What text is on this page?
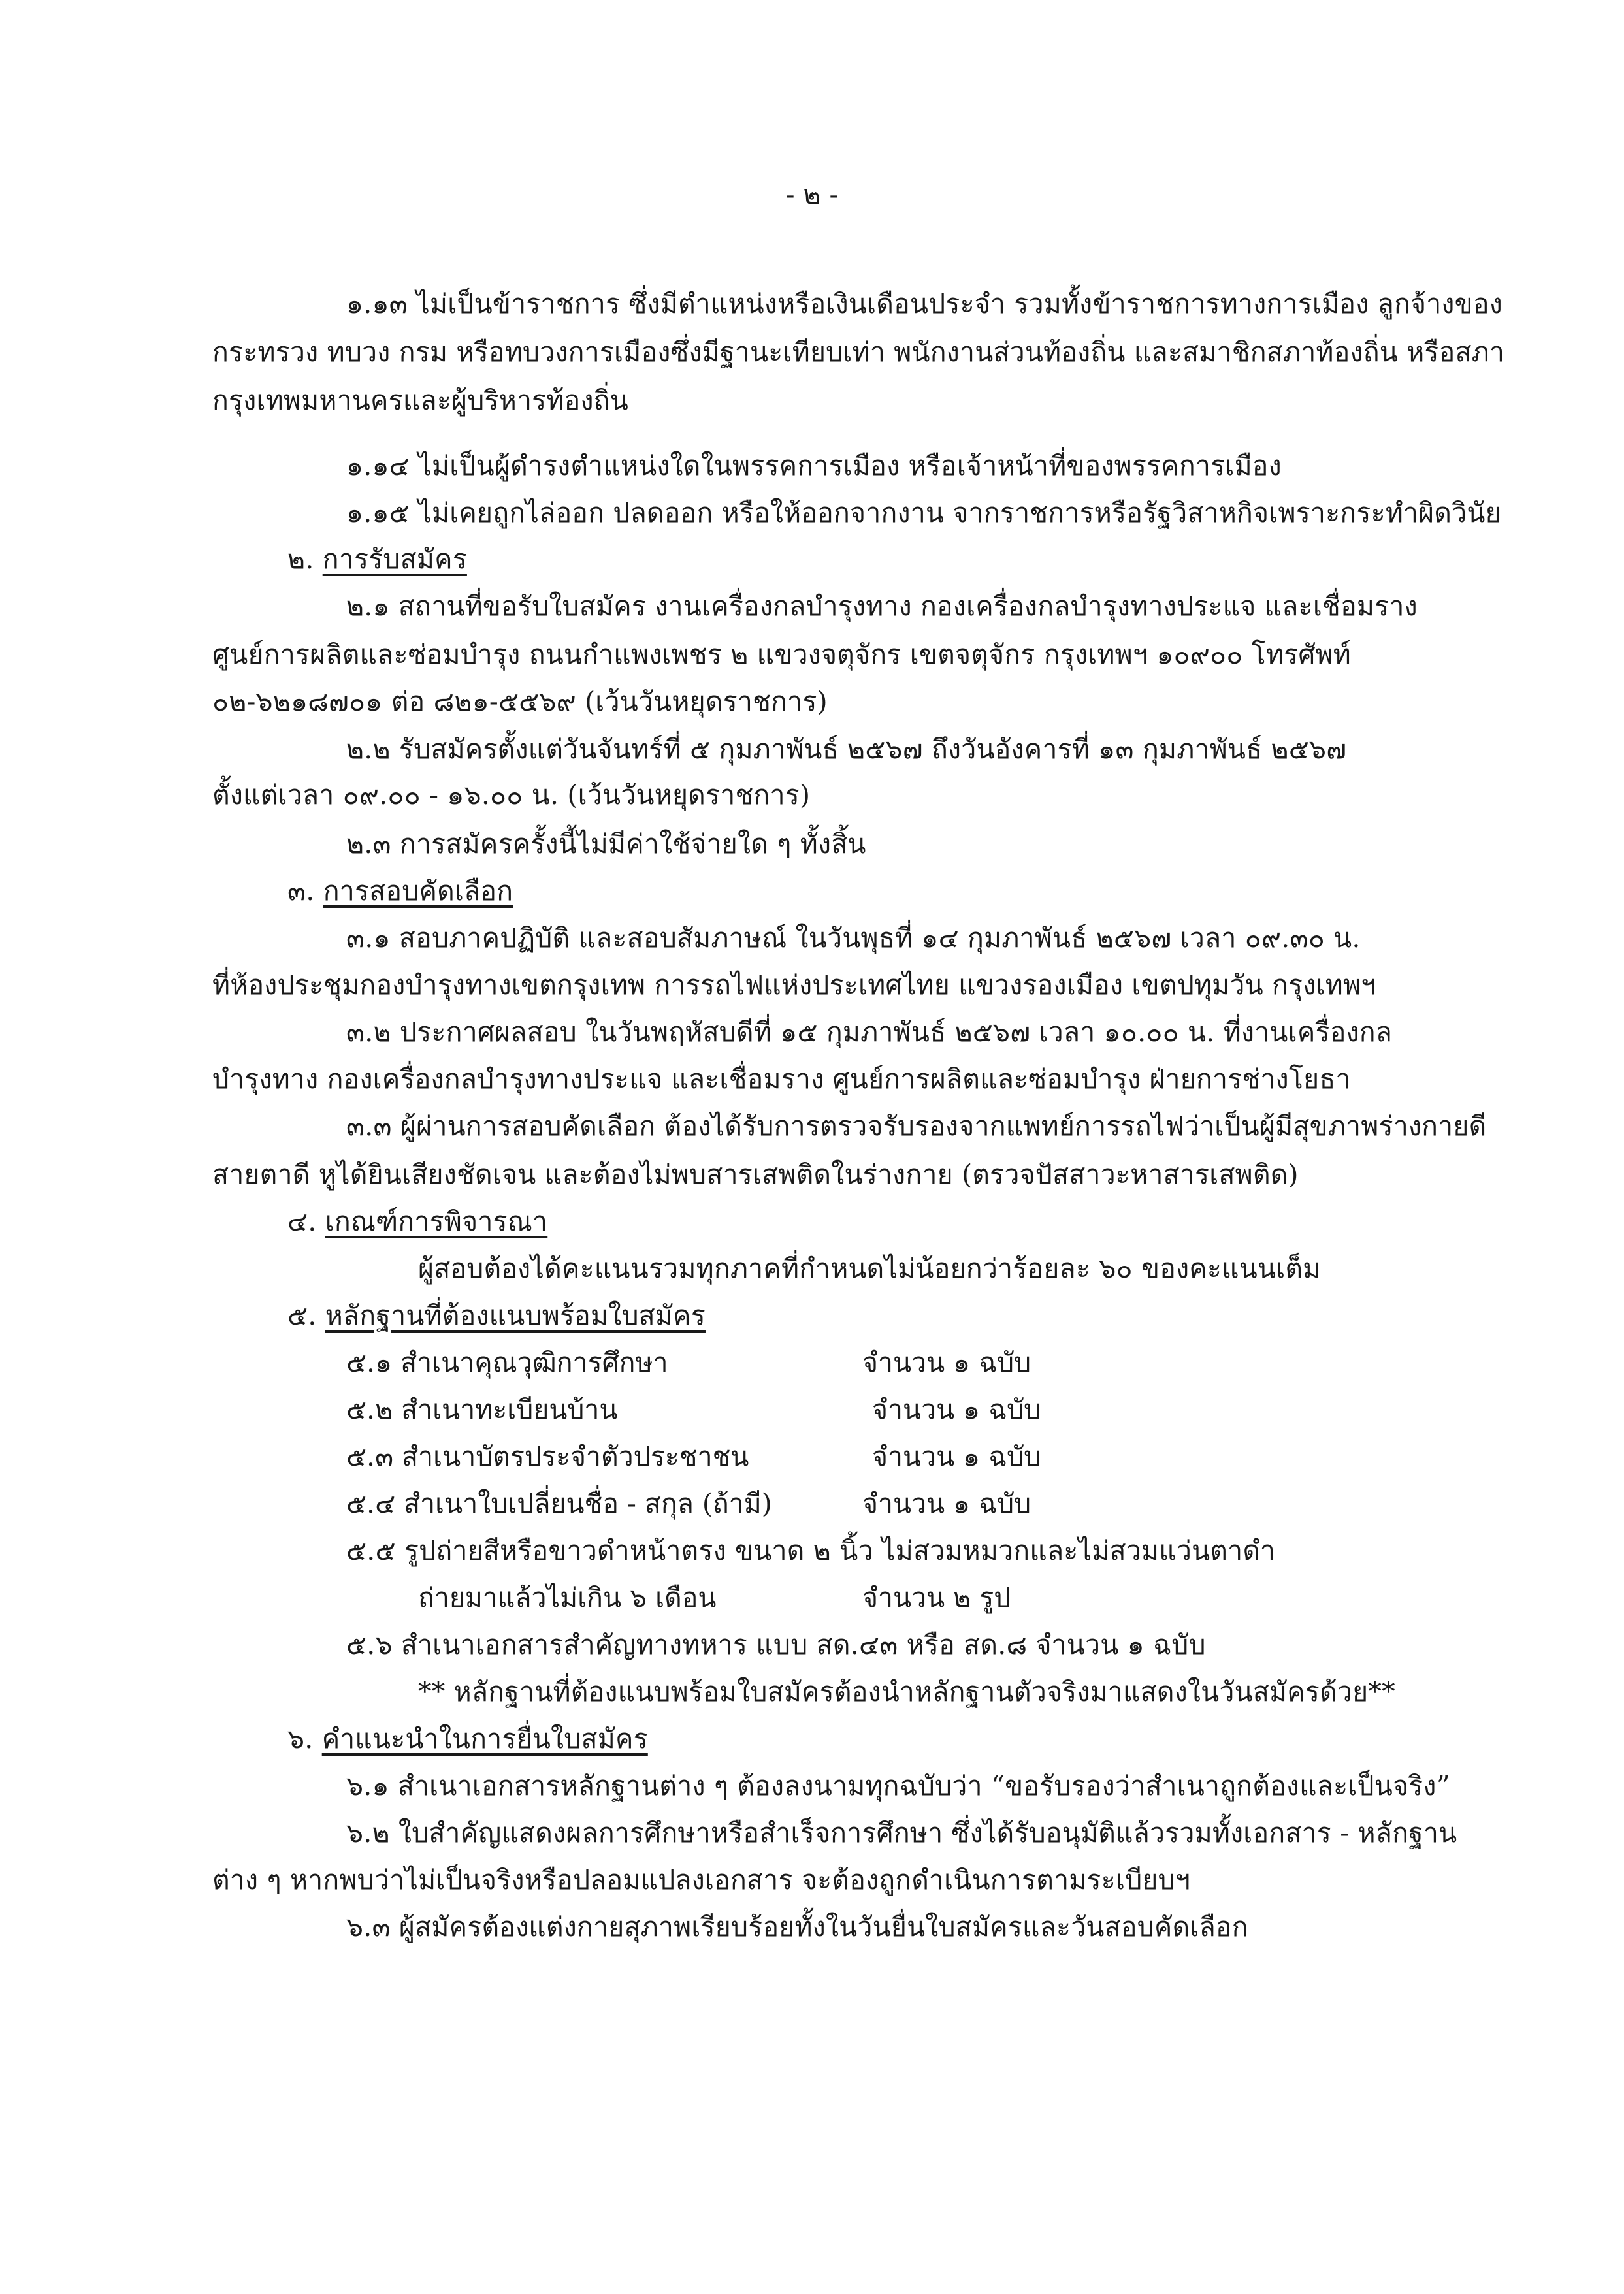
- ๒ -
๑.๑๓ ไม่เป็นข้าราชการ ซึ่งมีตำแหน่งหรือเงินเดือนประจำ รวมทั้งข้าราชการทางการเมือง ลูกจ้างของ
กระทรวง ทบวง กรม หรือทบวงการเมืองซึ่งมีฐานะเทียบเท่า พนักงานส่วนท้องถิ่น และสมาชิกสภาท้องถิ่น หรือสภา
กรุงเทพมหานครและผู้บริหารท้องถิ่น
๑.๑๔ ไม่เป็นผู้ดำรงตำแหน่งใดในพรรคการเมือง หรือเจ้าหน้าที่ของพรรคการเมือง
๑.๑๕ ไม่เคยถูกไล่ออก ปลดออก หรือให้ออกจากงาน จากราชการหรือรัฐวิสาหกิจเพราะกระทำผิดวินัย
๒. การรับสมัคร
๒.๑ สถานที่ขอรับใบสมัคร งานเครื่องกลบำรุงทาง กองเครื่องกลบำรุงทางประแจ และเชื่อมราง
ศูนย์การผลิตและซ่อมบำรุง ถนนกำแพงเพชร ๒ แขวงจตุจักร เขตจตุจักร กรุงเทพฯ ๑๐๙๐๐ โทรศัพท์
๐๒-๖๒๑๘๗๐๑ ต่อ ๘๒๑-๕๕๖๙ (เว้นวันหยุดราชการ)
๒.๒ รับสมัครตั้งแต่วันจันทร์ที่ ๕ กุมภาพันธ์ ๒๕๖๗ ถึงวันอังคารที่ ๑๓ กุมภาพันธ์ ๒๕๖๗
ตั้งแต่เวลา ๐๙.๐๐ - ๑๖.๐๐ น. (เว้นวันหยุดราชการ)
๒.๓ การสมัครครั้งนี้ไม่มีค่าใช้จ่ายใด ๆ ทั้งสิ้น
๓. การสอบคัดเลือก
๓.๑ สอบภาคปฏิบัติ และสอบสัมภาษณ์ ในวันพุธที่ ๑๔ กุมภาพันธ์ ๒๕๖๗ เวลา ๐๙.๓๐ น.
ที่ห้องประชุมกองบำรุงทางเขตกรุงเทพ การรถไฟแห่งประเทศไทย แขวงรองเมือง เขตปทุมวัน กรุงเทพฯ
๓.๒ ประกาศผลสอบ ในวันพฤหัสบดีที่ ๑๕ กุมภาพันธ์ ๒๕๖๗ เวลา ๑๐.๐๐ น. ที่งานเครื่องกล
บำรุงทาง กองเครื่องกลบำรุงทางประแจ และเชื่อมราง ศูนย์การผลิตและซ่อมบำรุง ฝ่ายการช่างโยธา
๓.๓ ผู้ผ่านการสอบคัดเลือก ต้องได้รับการตรวจรับรองจากแพทย์การรถไฟว่าเป็นผู้มีสุขภาพร่างกายดี
สายตาดี หูได้ยินเสียงชัดเจน และต้องไม่พบสารเสพติดในร่างกาย (ตรวจปัสสาวะหาสารเสพติด)
๔. เกณฑ์การพิจารณา
ผู้สอบต้องได้คะแนนรวมทุกภาคที่กำหนดไม่น้อยกว่าร้อยละ ๖๐ ของคะแนนเต็ม
๕. หลักฐานที่ต้องแนบพร้อมใบสมัคร
๕.๑ สำเนาคุณวุฒิการศึกษา	จำนวน ๑ ฉบับ
๕.๒ สำเนาทะเบียนบ้าน	จำนวน ๑ ฉบับ
๕.๓ สำเนาบัตรประจำตัวประชาชน	จำนวน ๑ ฉบับ
๕.๔ สำเนาใบเปลี่ยนชื่อ - สกุล (ถ้ามี)	จำนวน ๑ ฉบับ
๕.๕ รูปถ่ายสีหรือขาวดำหน้าตรง ขนาด ๒ นิ้ว ไม่สวมหมวกและไม่สวมแว่นตาดำ
ถ่ายมาแล้วไม่เกิน ๖ เดือน	จำนวน ๒ รูป
๕.๖ สำเนาเอกสารสำคัญทางทหาร แบบ สด.๔๓ หรือ สด.๘ จำนวน ๑ ฉบับ
** หลักฐานที่ต้องแนบพร้อมใบสมัครต้องนำหลักฐานตัวจริงมาแสดงในวันสมัครด้วย**
๖. คำแนะนำในการยื่นใบสมัคร
๖.๑ สำเนาเอกสารหลักฐานต่าง ๆ ต้องลงนามทุกฉบับว่า “ขอรับรองว่าสำเนาถูกต้องและเป็นจริง”
๖.๒ ใบสำคัญแสดงผลการศึกษาหรือสำเร็จการศึกษา ซึ่งได้รับอนุมัติแล้วรวมทั้งเอกสาร - หลักฐาน
ต่าง ๆ หากพบว่าไม่เป็นจริงหรือปลอมแปลงเอกสาร จะต้องถูกดำเนินการตามระเบียบฯ
๖.๓ ผู้สมัครต้องแต่งกายสุภาพเรียบร้อยทั้งในวันยื่นใบสมัครและวันสอบคัดเลือก
